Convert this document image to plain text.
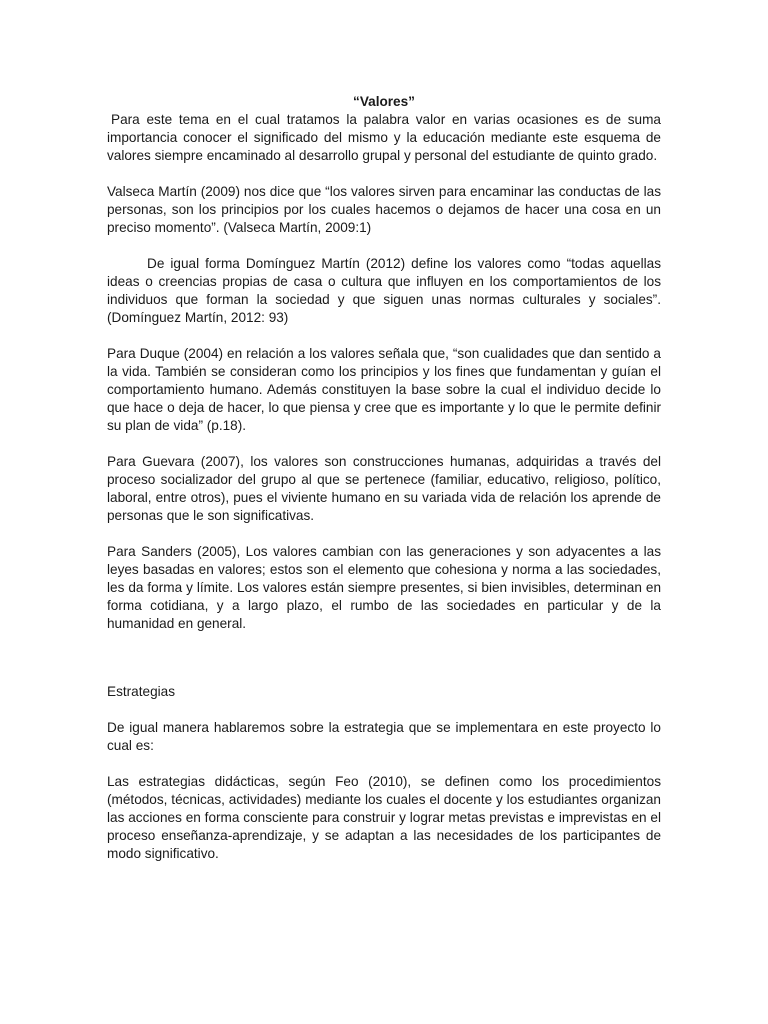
“Valores”

Para este tema en el cual tratamos la palabra valor en varias ocasiones es de suma importancia conocer el significado del mismo y la educación mediante este esquema de valores siempre encaminado al desarrollo grupal y personal del estudiante de quinto grado.

Valseca Martín (2009) nos dice que “los valores sirven para encaminar las conductas de las personas, son los principios por los cuales hacemos o dejamos de hacer una cosa en un preciso momento”. (Valseca Martín, 2009:1)

De igual forma Domínguez Martín (2012) define los valores como “todas aquellas ideas o creencias propias de casa o cultura que influyen en los comportamientos de los individuos que forman la sociedad y que siguen unas normas culturales y sociales”. (Domínguez Martín, 2012: 93)

Para Duque (2004) en relación a los valores señala que, “son cualidades que dan sentido a la vida. También se consideran como los principios y los fines que fundamentan y guían el comportamiento humano. Además constituyen la base sobre la cual el individuo decide lo que hace o deja de hacer, lo que piensa y cree que es importante y lo que le permite definir su plan de vida” (p.18).

Para Guevara (2007), los valores son construcciones humanas, adquiridas a través del proceso socializador del grupo al que se pertenece (familiar, educativo, religioso, político, laboral, entre otros), pues el viviente humano en su variada vida de relación los aprende de personas que le son significativas.

Para Sanders (2005), Los valores cambian con las generaciones y son adyacentes a las leyes basadas en valores; estos son el elemento que cohesiona y norma a las sociedades, les da forma y límite. Los valores están siempre presentes, si bien invisibles, determinan en forma cotidiana, y a largo plazo, el rumbo de las sociedades en particular y de la humanidad en general.

Estrategias

De igual manera hablaremos sobre la estrategia que se implementara en este proyecto lo cual es:

Las estrategias didácticas, según Feo (2010), se definen como los procedimientos (métodos, técnicas, actividades) mediante los cuales el docente y los estudiantes organizan las acciones en forma consciente para construir y lograr metas previstas e imprevistas en el proceso enseñanza-aprendizaje, y se adaptan a las necesidades de los participantes de modo significativo.
